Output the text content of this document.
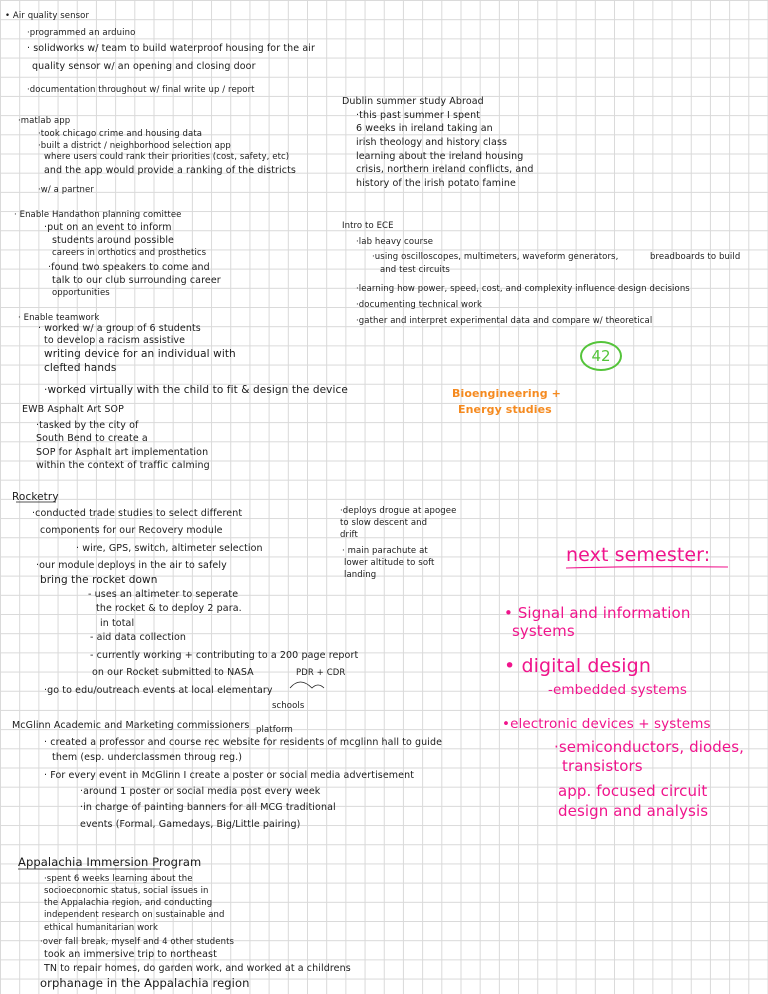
• Air quality sensor
·programmed an arduino
· solidworks w/ team to build waterproof housing for the air
quality sensor w/ an opening and closing door
·documentation throughout w/ final write up / report
·matlab app
·took chicago crime and housing data
·built a district / neighborhood selection app
where users could rank their priorities (cost, safety, etc)
and the app would provide a ranking of the districts
·w/ a partner
· Enable Handathon planning comittee
·put on an event to inform
students around possible
careers in orthotics and prosthetics
·found two speakers to come and
talk to our club surrounding career
opportunities
· Enable teamwork
· worked w/ a group of 6 students
to develop a racism assistive
writing device for an individual with
clefted hands
·worked virtually with the child to fit & design the device
EWB Asphalt Art SOP
·tasked by the city of
South Bend to create a
SOP for Asphalt art implementation
within the context of traffic calming
Rocketry
·conducted trade studies to select different
components for our Recovery module
· wire, GPS, switch, altimeter selection
·our module deploys in the air to safely
bring the rocket down
- uses an altimeter to seperate
the rocket & to deploy 2 para.
in total
- aid data collection
- currently working + contributing to a 200 page report
on our Rocket submitted to NASA	PDR + CDR
·go to edu/outreach events at local elementary
schools
McGlinn Academic and Marketing commissioners platform
· created a professor and course rec website for residents of mcglinn hall to guide
them (esp. underclassmen throug reg.)
· For every event in McGlinn I create a poster or social media advertisement
·around 1 poster or social media post every week
·in charge of painting banners for all MCG traditional
events (Formal, Gamedays, Big/Little pairing)
Appalachia Immersion Program
·spent 6 weeks learning about the
socioeconomic status, social issues in
the Appalachia region, and conducting
independent research on sustainable and
ethical humanitarian work
·over fall break, myself and 4 other students
took an immersive trip to northeast
TN to repair homes, do garden work, and worked at a childrens
orphanage in the Appalachia region
Dublin summer study Abroad
·this past summer I spent
6 weeks in ireland taking an
irish theology and history class
learning about the ireland housing
crisis, northern ireland conflicts, and
history of the irish potato famine
Intro to ECE
·lab heavy course
·using oscilloscopes, multimeters, waveform generators,	breadboards to build
and test circuits
·learning how power, speed, cost, and complexity influence design decisions
·documenting technical work
·gather and interpret experimental data and compare w/ theoretical
·deploys drogue at apogee
to slow descent and
drift
· main parachute at
lower altitude to soft
landing
42
Bioengineering +
Energy studies
next semester:
• Signal and information
systems
• digital design
-embedded systems
•electronic devices + systems
·semiconductors, diodes,
transistors
app. focused circuit
design and analysis
